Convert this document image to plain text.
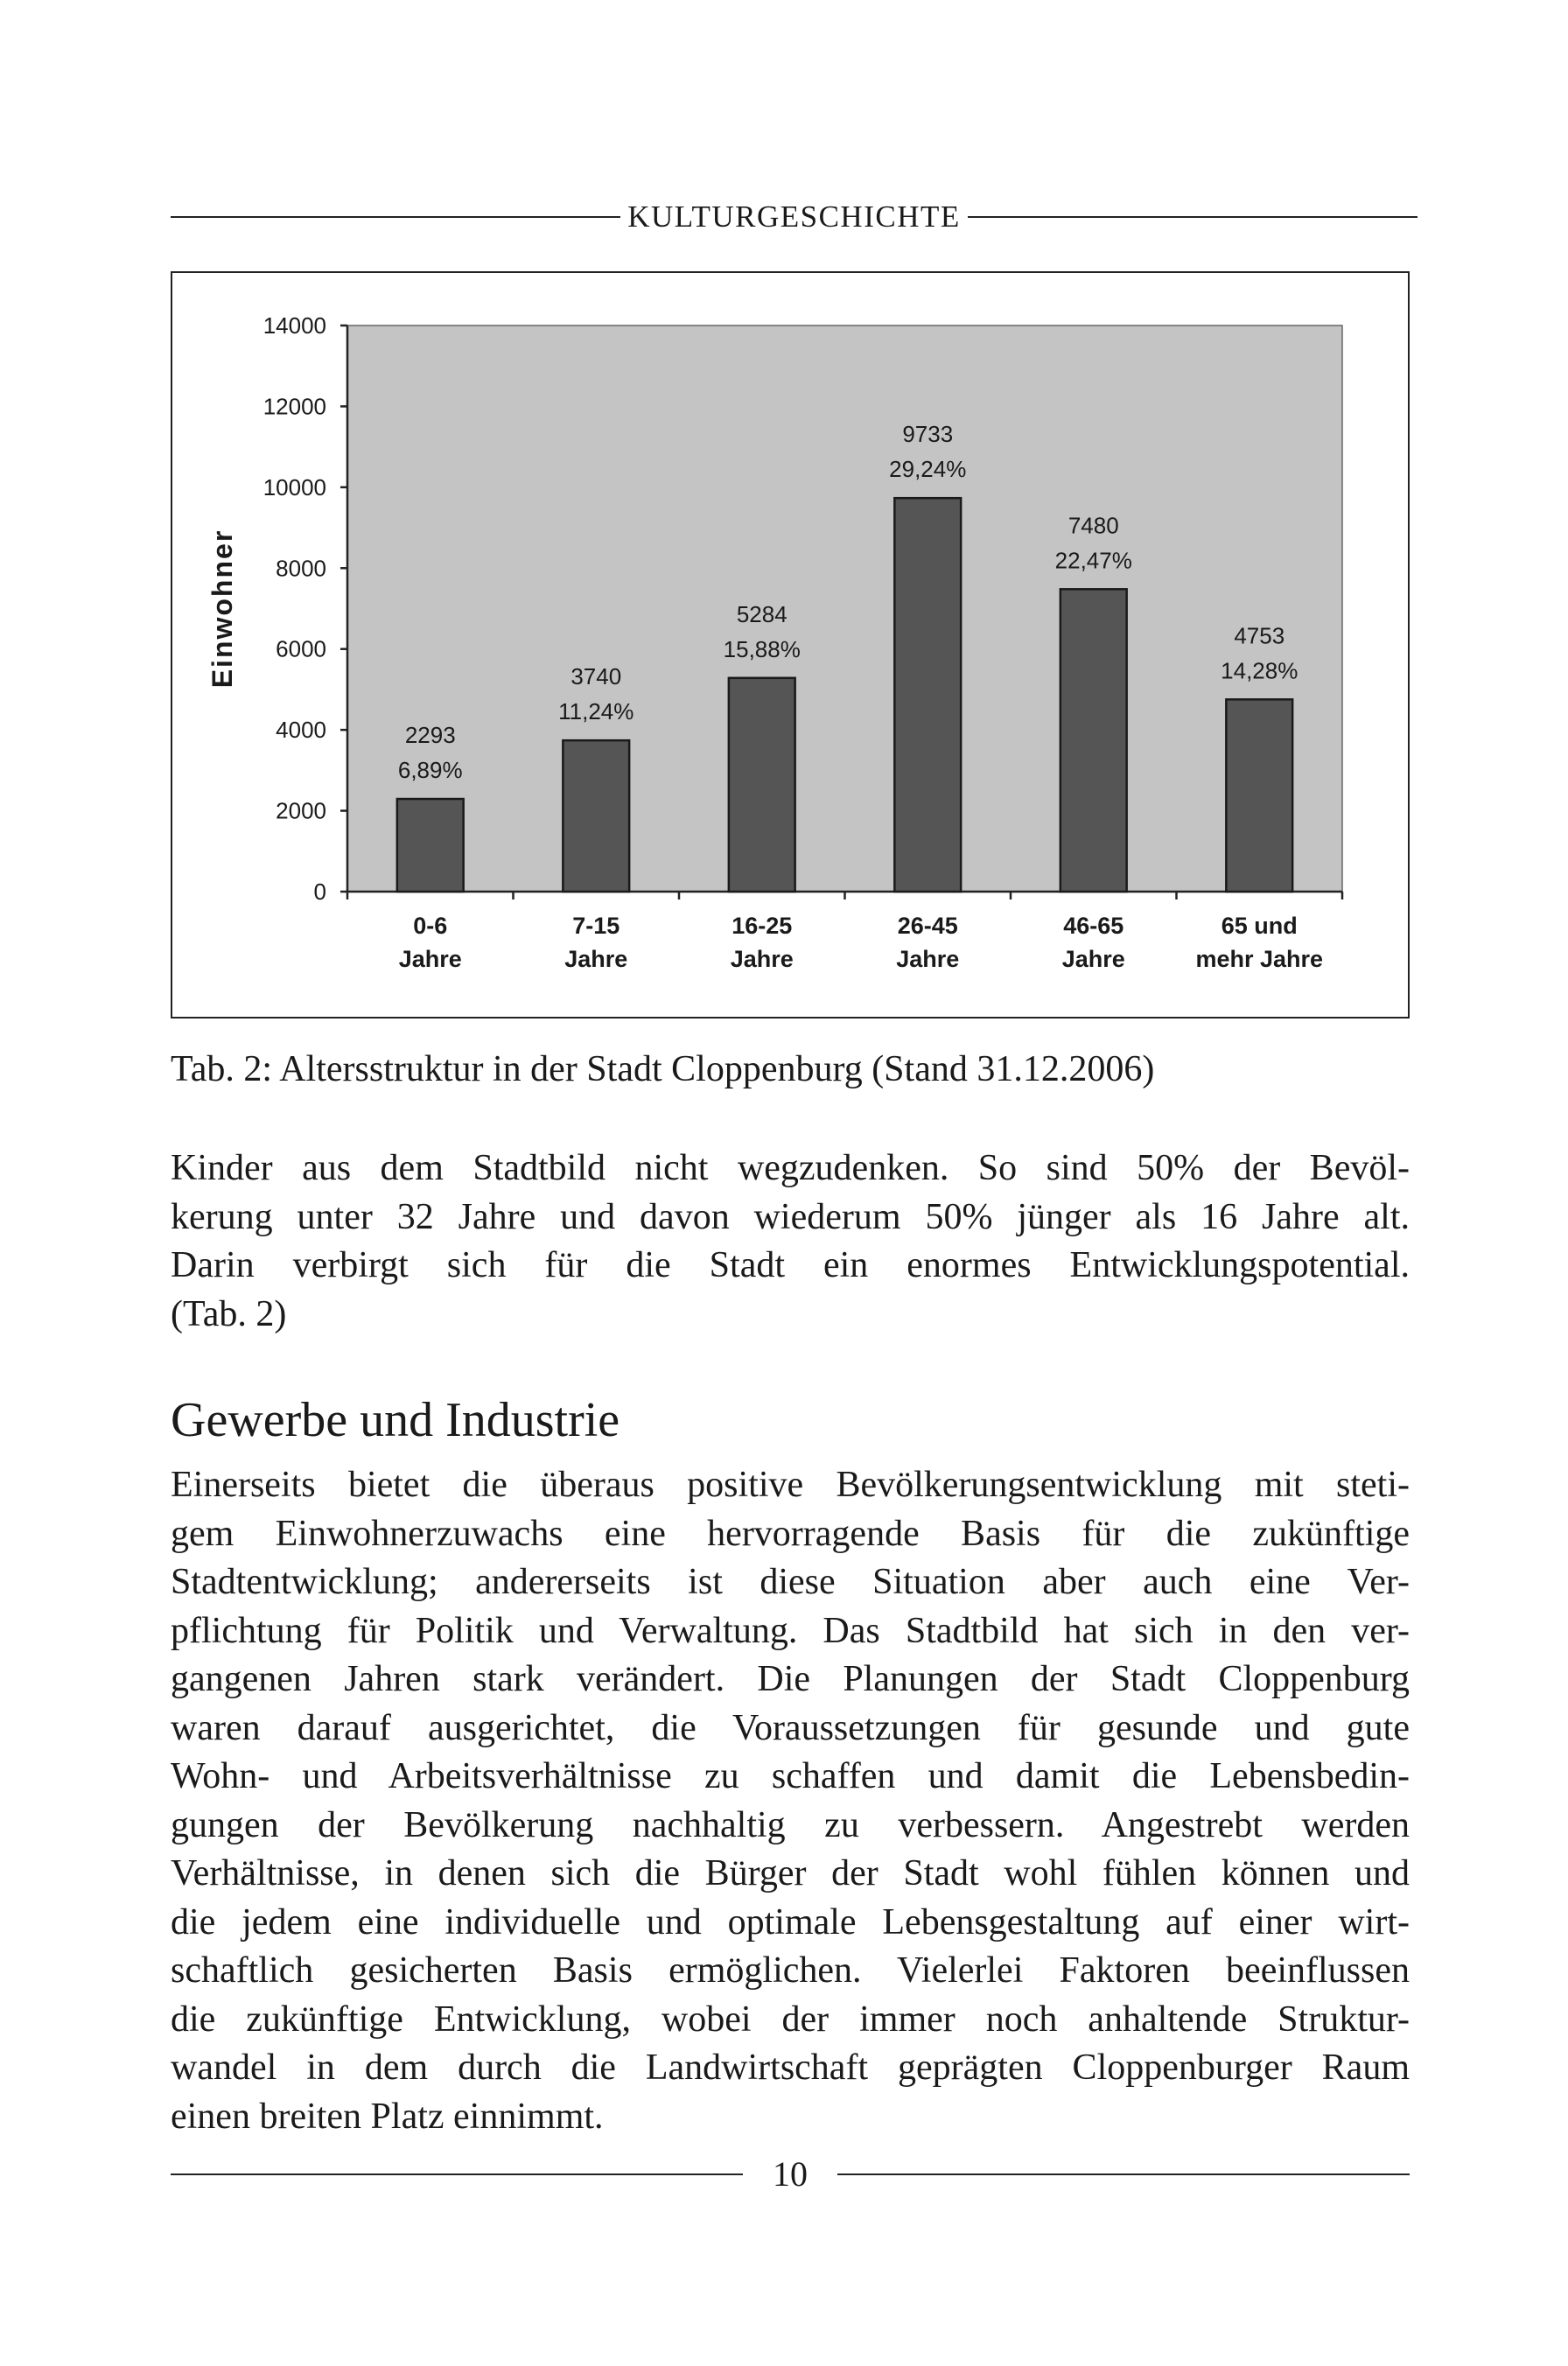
KULTURGESCHICHTE
0
2000
4000
6000
8000
10000
12000
14000
Einwohner
2293
6,89%
0-6
Jahre
3740
11,24%
7-15
Jahre
5284
15,88%
16-25
Jahre
9733
29,24%
26-45
Jahre
7480
22,47%
46-65
Jahre
4753
14,28%
65 und
mehr Jahre
Tab. 2: Altersstruktur in der Stadt Cloppenburg (Stand 31.12.2006)
Kinder aus dem Stadtbild nicht wegzudenken. So sind 50% der Bevöl-
kerung unter 32 Jahre und davon wiederum 50% jünger als 16 Jahre alt.
Darin verbirgt sich für die Stadt ein enormes Entwicklungspotential.
(Tab. 2)
Gewerbe und Industrie
Einerseits bietet die überaus positive Bevölkerungsentwicklung mit steti-
gem Einwohnerzuwachs eine hervorragende Basis für die zukünftige
Stadtentwicklung; andererseits ist diese Situation aber auch eine Ver-
pflichtung für Politik und Verwaltung. Das Stadtbild hat sich in den ver-
gangenen Jahren stark verändert. Die Planungen der Stadt Cloppenburg
waren darauf ausgerichtet, die Voraussetzungen für gesunde und gute
Wohn- und Arbeitsverhältnisse zu schaffen und damit die Lebensbedin-
gungen der Bevölkerung nachhaltig zu verbessern. Angestrebt werden
Verhältnisse, in denen sich die Bürger der Stadt wohl fühlen können und
die jedem eine individuelle und optimale Lebensgestaltung auf einer wirt-
schaftlich gesicherten Basis ermöglichen. Vielerlei Faktoren beeinflussen
die zukünftige Entwicklung, wobei der immer noch anhaltende Struktur-
wandel in dem durch die Landwirtschaft geprägten Cloppenburger Raum
einen breiten Platz einnimmt.
10
